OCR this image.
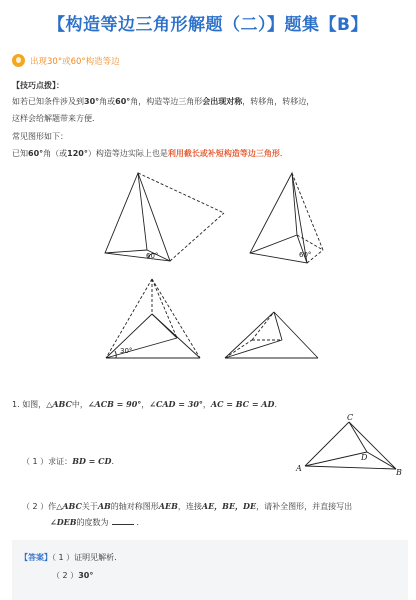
【构造等边三角形解题（二）】题集【B】
出现30°或60°构造等边
【技巧点拨】：
如若已知条件涉及到30°角或60°角，构造等边三角形会出现对称，转移角，转移边，
这样会给解题带来方便．
常见图形如下：
已知60°角（或120°）构造等边实际上也是利用截长或补短构造等边三角形．
60°	60°
30°
1. 如图，△ABC中，∠ACB = 90°，∠CAD = 30°，AC = BC = AD．
C
D
A	B
（ 1 ）求证：BD = CD．
（ 2 ）作△ABC关于AB的轴对称图形AEB，连接AE，BE，DE，请补全图形，并直接写出
∠DEB的度数为	．
【答案】（ 1 ）证明见解析．
（ 2 ）30°
